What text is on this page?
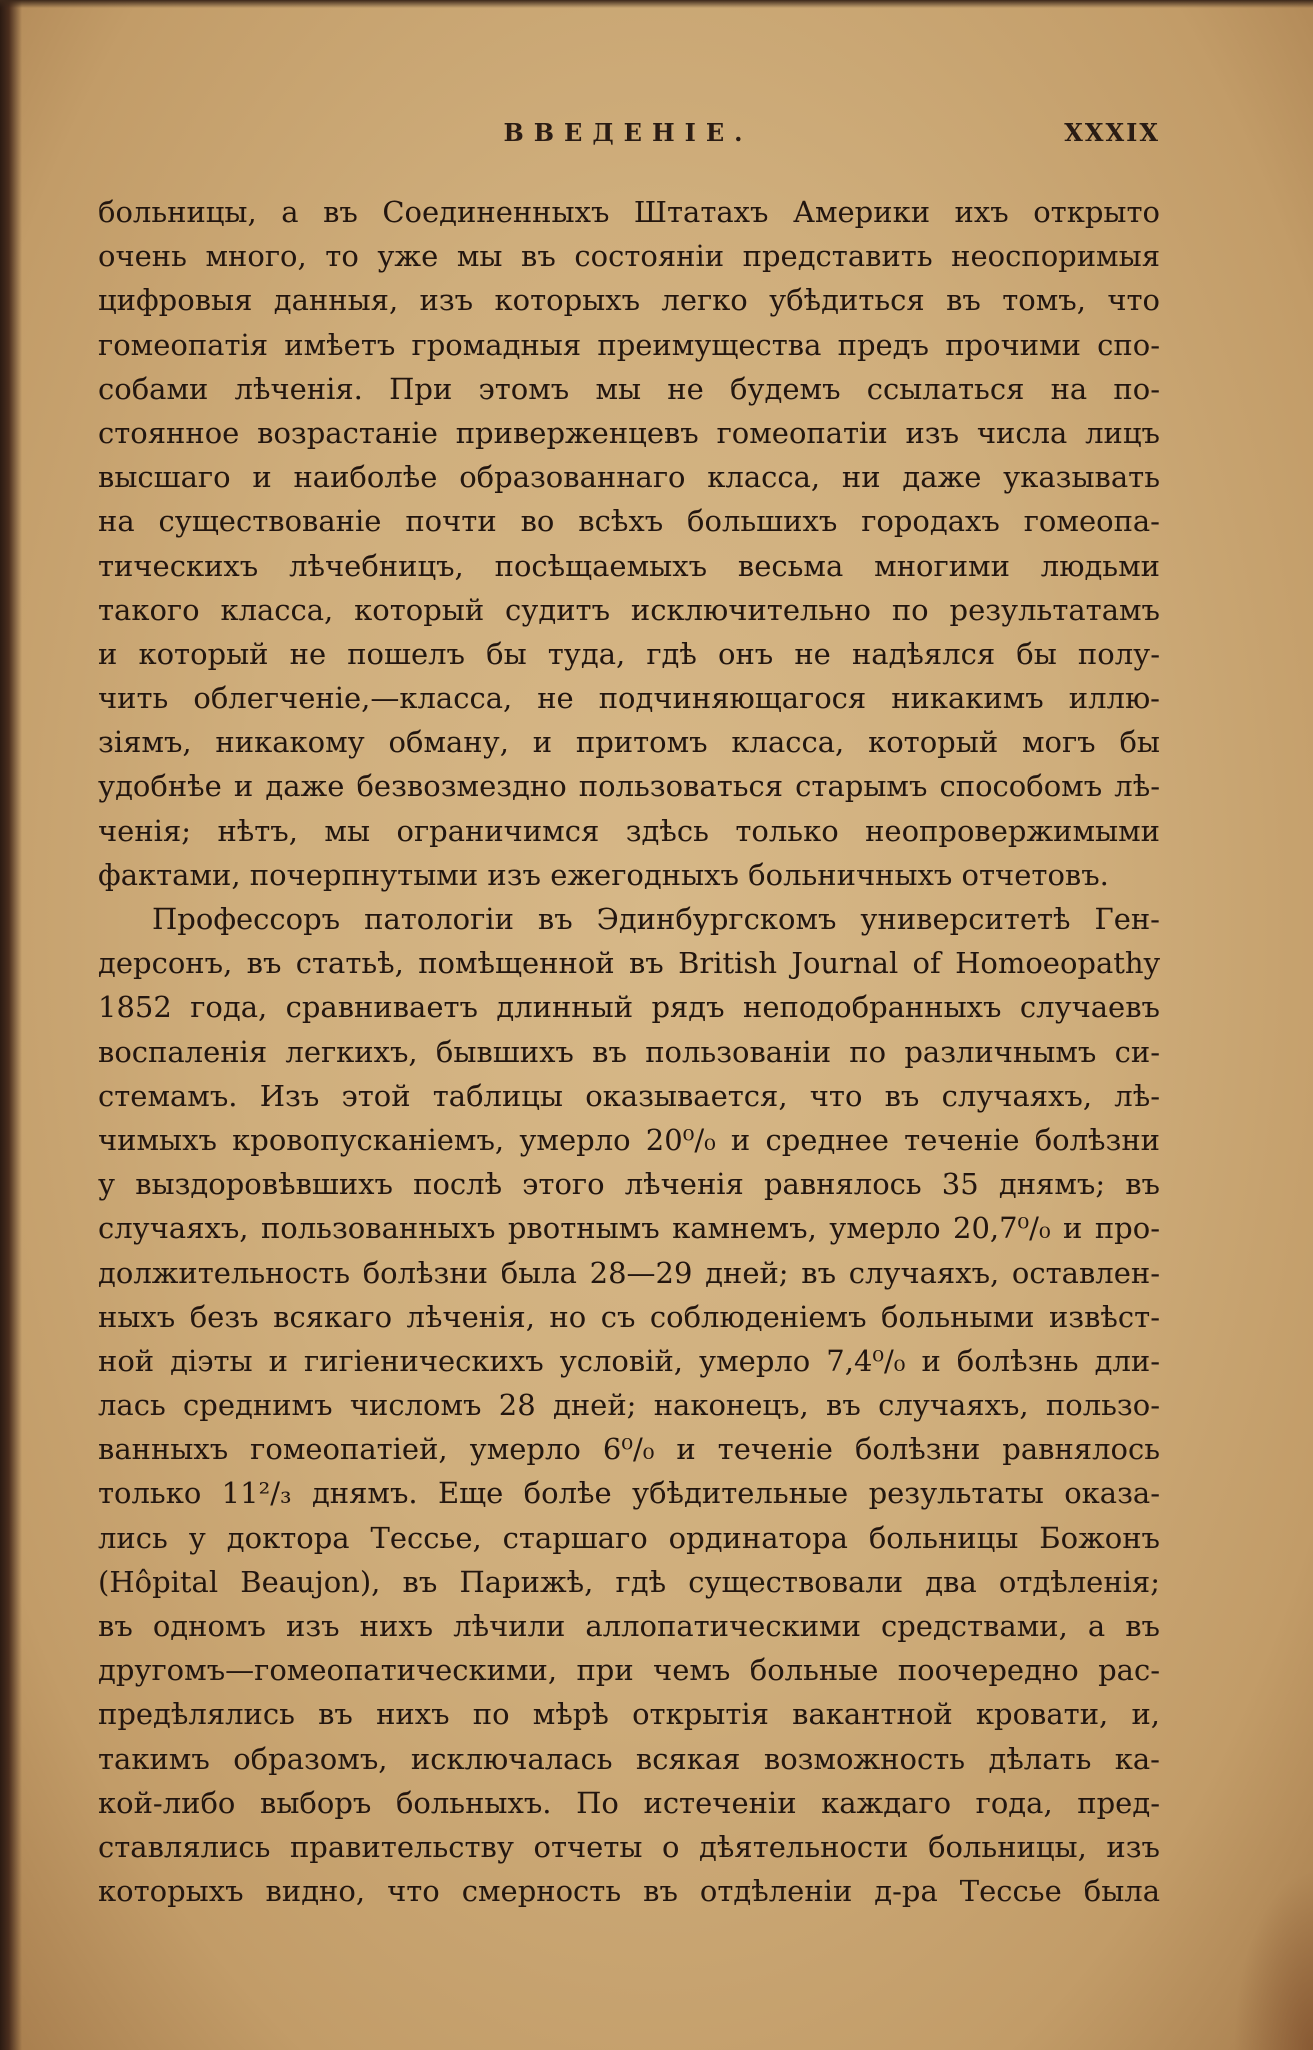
ВВЕДЕНIЕ.	XXXIX
больницы, а въ Соединенныхъ Штатахъ Америки ихъ открыто
очень много, то уже мы въ состоянiи представить неоспоримыя
цифровыя данныя, изъ которыхъ легко убѣдиться въ томъ, что
гомеопатiя имѣетъ громадныя преимущества предъ прочими спо-
собами лѣченiя. При этомъ мы не будемъ ссылаться на по-
стоянное возрастанiе приверженцевъ гомеопатiи изъ числа лицъ
высшаго и наиболѣе образованнаго класса, ни даже указывать
на существованiе почти во всѣхъ большихъ городахъ гомеопа-
тическихъ лѣчебницъ, посѣщаемыхъ весьма многими людьми
такого класса, который судитъ исключительно по результатамъ
и который не пошелъ бы туда, гдѣ онъ не надѣялся бы полу-
чить облегченiе,—класса, не подчиняющагося никакимъ иллю-
зiямъ, никакому обману, и притомъ класса, который могъ бы
удобнѣе и даже безвозмездно пользоваться старымъ способомъ лѣ-
ченiя; нѣтъ, мы ограничимся здѣсь только неопровержимыми
фактами, почерпнутыми изъ ежегодныхъ больничныхъ отчетовъ.
Профессоръ патологiи въ Эдинбургскомъ университетѣ Ген-
дерсонъ, въ статьѣ, помѣщенной въ British Journal of Homoeopathy
1852 года, сравниваетъ длинный рядъ неподобранныхъ случаевъ
воспаленiя легкихъ, бывшихъ въ пользованiи по различнымъ си-
стемамъ. Изъ этой таблицы оказывается, что въ случаяхъ, лѣ-
чимыхъ кровопусканiемъ, умерло 20⁰/₀ и среднее теченiе болѣзни
у выздоровѣвшихъ послѣ этого лѣченiя равнялось 35 днямъ; въ
случаяхъ, пользованныхъ рвотнымъ камнемъ, умерло 20,7⁰/₀ и про-
должительность болѣзни была 28—29 дней; въ случаяхъ, оставлен-
ныхъ безъ всякаго лѣченiя, но съ соблюденiемъ больными извѣст-
ной дiэты и гигiеническихъ условiй, умерло 7,4⁰/₀ и болѣзнь дли-
лась среднимъ числомъ 28 дней; наконецъ, въ случаяхъ, пользо-
ванныхъ гомеопатiей, умерло 6⁰/₀ и теченiе болѣзни равнялось
только 11²/₃ днямъ. Еще болѣе убѣдительные результаты оказа-
лись у доктора Тессье, старшаго ординатора больницы Божонъ
(Hôpital Beaujon), въ Парижѣ, гдѣ существовали два отдѣленiя;
въ одномъ изъ нихъ лѣчили аллопатическими средствами, а въ
другомъ—гомеопатическими, при чемъ больные поочередно рас-
предѣлялись въ нихъ по мѣрѣ открытiя вакантной кровати, и,
такимъ образомъ, исключалась всякая возможность дѣлать ка-
кой-либо выборъ больныхъ. По истеченiи каждаго года, пред-
ставлялись правительству отчеты о дѣятельности больницы, изъ
которыхъ видно, что смерность въ отдѣленiи д-ра Тессье была
